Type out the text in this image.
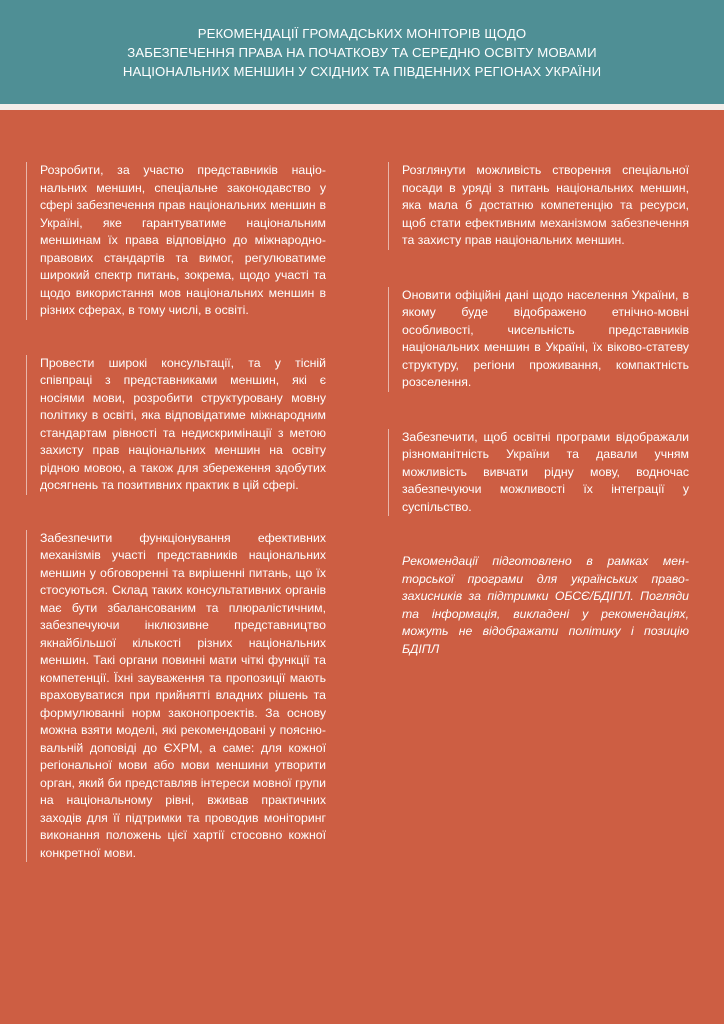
РЕКОМЕНДАЦІЇ ГРОМАДСЬКИХ МОНІТОРІВ ЩОДО
ЗАБЕЗПЕЧЕННЯ ПРАВА НА ПОЧАТКОВУ ТА СЕРЕДНЮ ОСВІТУ МОВАМИ
НАЦІОНАЛЬНИХ МЕНШИН У СХІДНИХ ТА ПІВДЕННИХ РЕГІОНАХ УКРАЇНИ
Розробити, за участю представників національних меншин, спеціальне законодавство у сфері забезпечення прав національних меншин в Україні, яке гарантуватиме національним меншинам їх права відповідно до міжнародно-правових стандартів та вимог, регулюватиме широкий спектр питань, зокрема, щодо участі та щодо використання мов національних меншин в різних сферах, в тому числі, в освіті.
Провести широкі консультації, та у тісній співпраці з представниками меншин, які є носіями мови, розробити структуровану мовну політику в освіті, яка відповідатиме міжнародним стандартам рівності та недискримінації з метою захисту прав національних меншин на освіту рідною мовою, а також для збереження здобутих досягнень та позитивних практик в цій сфері.
Забезпечити функціонування ефективних механізмів участі представників національних меншин у обговоренні та вирішенні питань, що їх стосуються. Склад таких консультативних органів має бути збалансованим та плюралістичним, забезпечуючи інклюзивне представництво якнайбільшої кількості різних національних меншин. Такі органи повинні мати чіткі функції та компетенції. Їхні зауваження та пропозиції мають враховуватися при прийнятті владних рішень та формулюванні норм законопроектів. За основу можна взяти моделі, які рекомендовані у пояснювальній доповіді до ЄХРМ, а саме: для кожної регіональної мови або мови меншини утворити орган, який би представляв інтереси мовної групи на національному рівні, вживав практичних заходів для її підтримки та проводив моніторинг виконання положень цієї хартії стосовно кожної конкретної мови.
Розглянути можливість створення спеціальної посади в уряді з питань національних меншин, яка мала б достатню компетенцію та ресурси, щоб стати ефективним механізмом забезпечення та захисту прав національних меншин.
Оновити офіційні дані щодо населення України, в якому буде відображено етнічно-мовні особливості, чисельність представників національних меншин в Україні, їх віково-статеву структуру, регіони проживання, компактність розселення.
Забезпечити, щоб освітні програми відображали різноманітність України та давали учням можливість вивчати рідну мову, водночас забезпечуючи можливості їх інтеграції у суспільство.
Рекомендації підготовлено в рамках менторської програми для українських правозахисників за підтримки ОБСЄ/БДІПЛ. Погляди та інформація, викладені у рекомендаціях, можуть не відображати політику і позицію БДІПЛ
